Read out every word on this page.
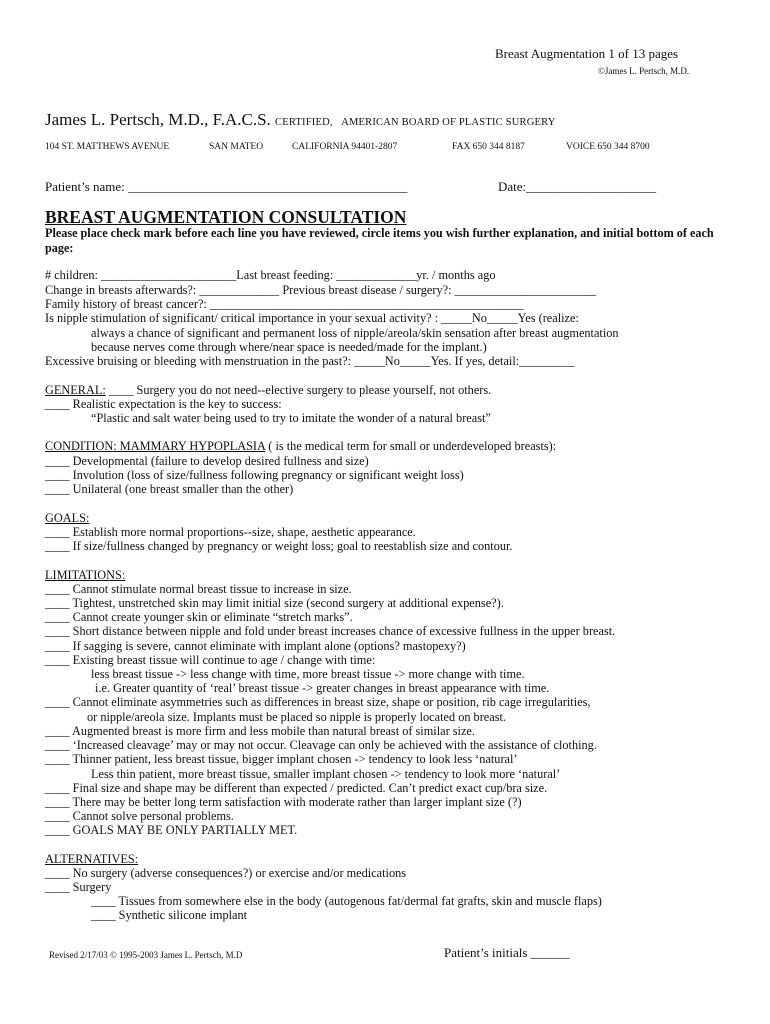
Breast Augmentation 1 of 13 pages
©James L. Pertsch, M.D.
James L. Pertsch, M.D., F.A.C.S. CERTIFIED, AMERICAN BOARD OF PLASTIC SURGERY
104 ST. MATTHEWS AVENUE	SAN MATEO	CALIFORNIA 94401-2807	FAX 650 344 8187	VOICE 650 344 8700
Patient’s name: ___________________________________________	Date:____________________
BREAST AUGMENTATION CONSULTATION
Please place check mark before each line you have reviewed, circle items you wish further explanation, and initial bottom of each page:
# children: ______________________Last breast feeding: _____________yr. / months ago
Change in breasts afterwards?: _____________ Previous breast disease / surgery?: _______________________
Family history of breast cancer?: ___________________________________________________
Is nipple stimulation of significant/ critical importance in your sexual activity? : _____No_____Yes (realize:
always a chance of significant and permanent loss of nipple/areola/skin sensation after breast augmentation
because nerves come through where/near space is needed/made for the implant.)
Excessive bruising or bleeding with menstruation in the past?: _____No_____Yes. If yes, detail:_________
GENERAL: ____ Surgery you do not need--elective surgery to please yourself, not others.
____ Realistic expectation is the key to success:
“Plastic and salt water being used to try to imitate the wonder of a natural breast”
CONDITION: MAMMARY HYPOPLASIA ( is the medical term for small or underdeveloped breasts):
____ Developmental (failure to develop desired fullness and size)
____ Involution (loss of size/fullness following pregnancy or significant weight loss)
____ Unilateral (one breast smaller than the other)
GOALS:
____ Establish more normal proportions--size, shape, aesthetic appearance.
____ If size/fullness changed by pregnancy or weight loss; goal to reestablish size and contour.
LIMITATIONS:
____ Cannot stimulate normal breast tissue to increase in size.
____ Tightest, unstretched skin may limit initial size (second surgery at additional expense?).
____ Cannot create younger skin or eliminate “stretch marks”.
____ Short distance between nipple and fold under breast increases chance of excessive fullness in the upper breast.
____ If sagging is severe, cannot eliminate with implant alone (options? mastopexy?)
____ Existing breast tissue will continue to age / change with time:
less breast tissue -> less change with time, more breast tissue -> more change with time.
i.e. Greater quantity of ‘real’ breast tissue -> greater changes in breast appearance with time.
____ Cannot eliminate asymmetries such as differences in breast size, shape or position, rib cage irregularities,
or nipple/areola size. Implants must be placed so nipple is properly located on breast.
____ Augmented breast is more firm and less mobile than natural breast of similar size.
____ ‘Increased cleavage’ may or may not occur. Cleavage can only be achieved with the assistance of clothing.
____ Thinner patient, less breast tissue, bigger implant chosen -> tendency to look less ‘natural’
Less thin patient, more breast tissue, smaller implant chosen -> tendency to look more ‘natural’
____ Final size and shape may be different than expected / predicted. Can’t predict exact cup/bra size.
____ There may be better long term satisfaction with moderate rather than larger implant size (?)
____ Cannot solve personal problems.
____ GOALS MAY BE ONLY PARTIALLY MET.
ALTERNATIVES:
____ No surgery (adverse consequences?) or exercise and/or medications
____ Surgery
____ Tissues from somewhere else in the body (autogenous fat/dermal fat grafts, skin and muscle flaps)
____ Synthetic silicone implant
Revised 2/17/03 © 1995-2003 James L. Pertsch, M.D	Patient’s initials ______
